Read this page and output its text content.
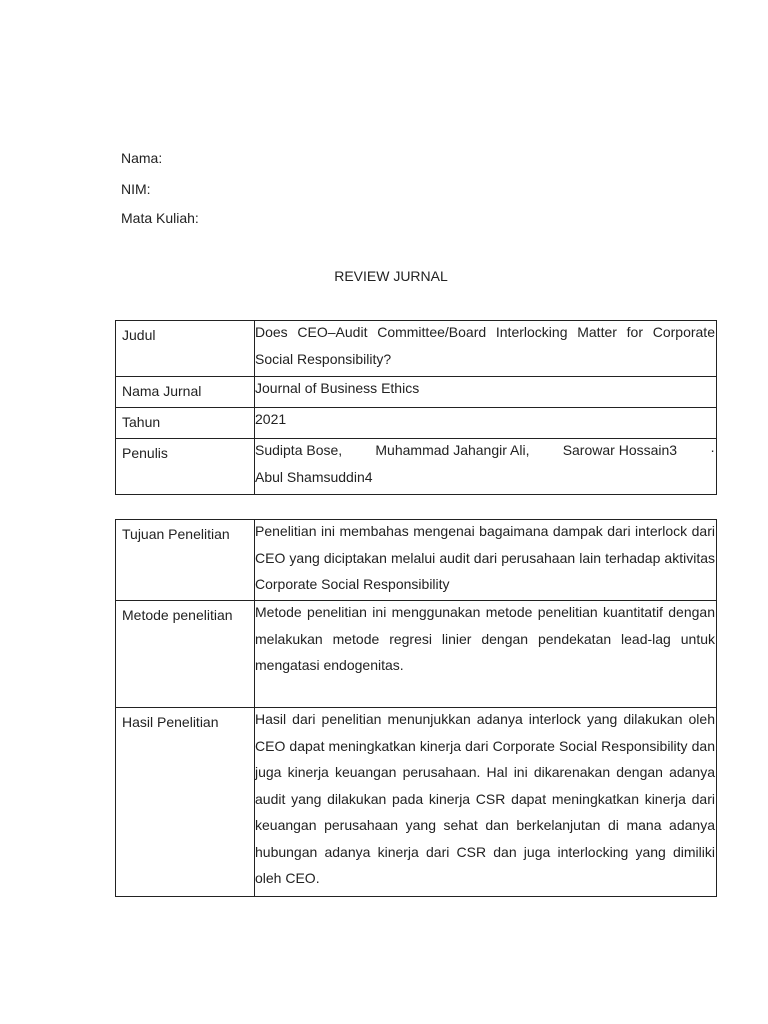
Nama:
NIM:
Mata Kuliah:
REVIEW JURNAL
Judul	Does CEO–Audit Committee/Board Interlocking Matter for Corporate Social Responsibility?

Nama Jurnal	Journal of Business Ethics

Tahun	2021

Penulis	Sudipta Bose, Muhammad Jahangir Ali, Sarowar Hossain3 ·
Abul Shamsuddin4
Tujuan Penelitian	Penelitian ini membahas mengenai bagaimana dampak dari interlock dari CEO yang diciptakan melalui audit dari perusahaan lain terhadap aktivitas Corporate Social Responsibility

Metode penelitian	Metode penelitian ini menggunakan metode penelitian kuantitatif dengan melakukan metode regresi linier dengan pendekatan lead-lag untuk mengatasi endogenitas.

Hasil Penelitian	Hasil dari penelitian menunjukkan adanya interlock yang dilakukan oleh CEO dapat meningkatkan kinerja dari Corporate Social Responsibility dan juga kinerja keuangan perusahaan. Hal ini dikarenakan dengan adanya audit yang dilakukan pada kinerja CSR dapat meningkatkan kinerja dari keuangan perusahaan yang sehat dan berkelanjutan di mana adanya hubungan adanya kinerja dari CSR dan juga interlocking yang dimiliki oleh CEO.
